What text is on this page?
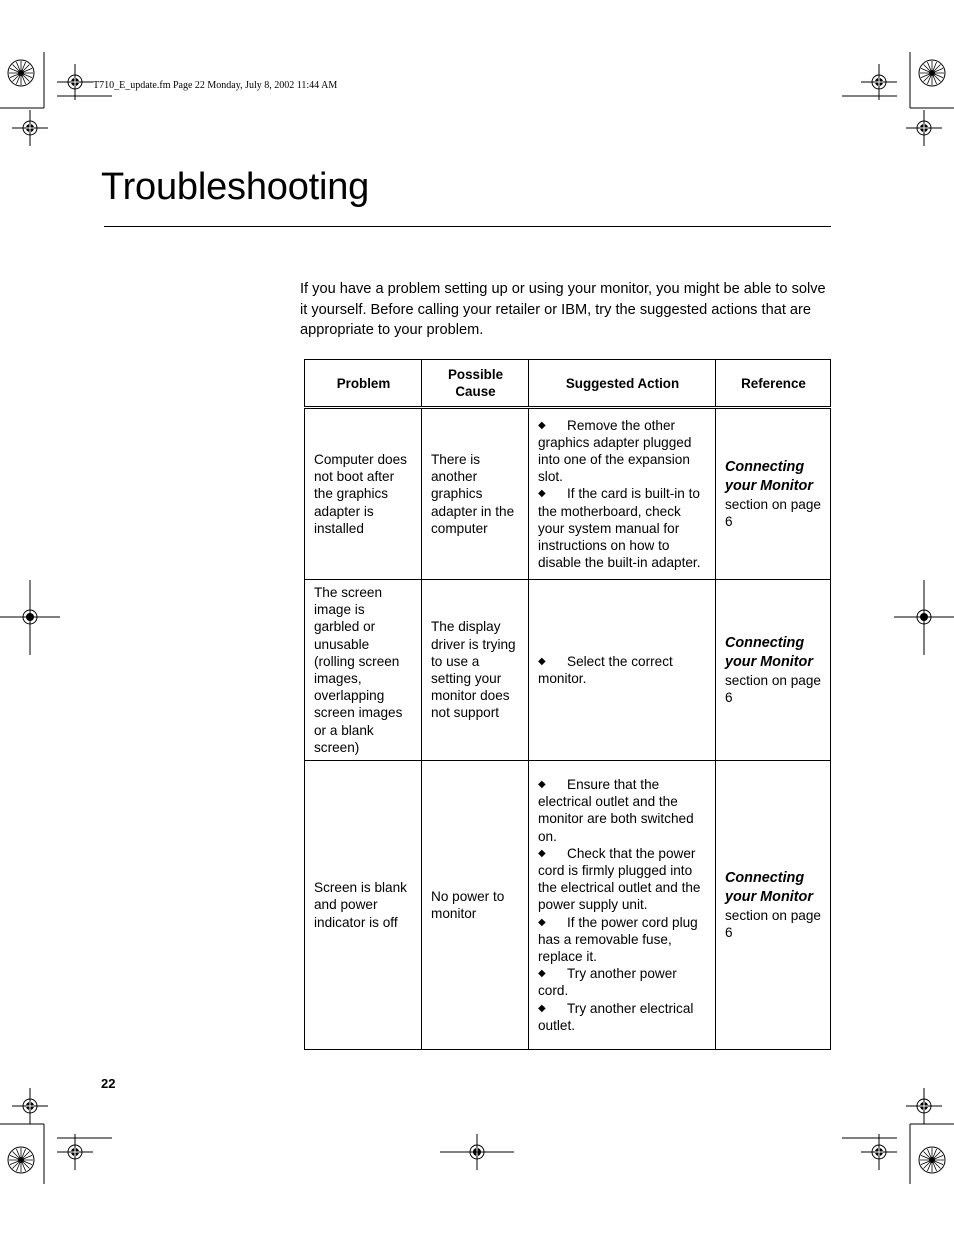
T710_E_update.fm Page 22 Monday, July 8, 2002 11:44 AM
Troubleshooting

If you have a problem setting up or using your monitor, you might be able to solve it yourself. Before calling your retailer or IBM, try the suggested actions that are appropriate to your problem.

Problem	Possible Cause	Suggested Action	Reference
Computer does not boot after the graphics adapter is installed	There is another graphics adapter in the computer	◆ Remove the other graphics adapter plugged into one of the expansion slot.
◆ If the card is built-in to the motherboard, check your system manual for instructions on how to disable the built-in adapter.	Connecting your Monitor
section on page 6
The screen image is garbled or unusable (rolling screen images, overlapping screen images or a blank screen)	The display driver is trying to use a setting your monitor does not support	◆ Select the correct monitor.	Connecting your Monitor
section on page 6
Screen is blank and power indicator is off	No power to monitor	◆ Ensure that the electrical outlet and the monitor are both switched on.
◆ Check that the power cord is firmly plugged into the electrical outlet and the power supply unit.
◆ If the power cord plug has a removable fuse, replace it.
◆ Try another power cord.
◆ Try another electrical outlet.	Connecting your Monitor
section on page 6
22
